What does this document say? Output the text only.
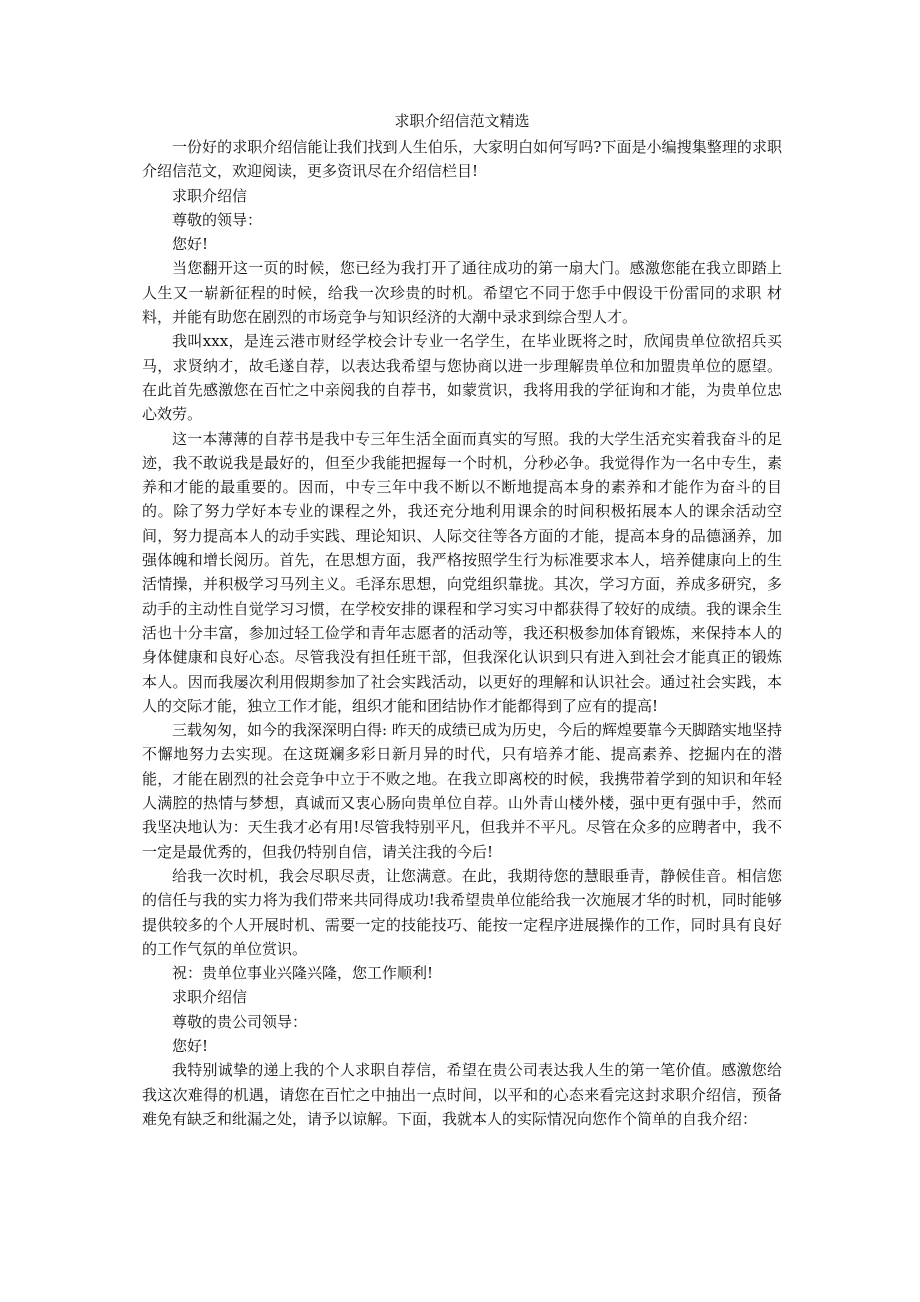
求职介绍信范文精选

一份好的求职介绍信能让我们找到人生伯乐，大家明白如何写吗?下面是小编搜集整理的求职介绍信范文，欢迎阅读，更多资讯尽在介绍信栏目!

求职介绍信

尊敬的领导：

您好!

当您翻开这一页的时候，您已经为我打开了通往成功的第一扇大门。感激您能在我立即踏上人生又一崭新征程的时候，给我一次珍贵的时机。希望它不同于您手中假设干份雷同的求职 材料，并能有助您在剧烈的市场竞争与知识经济的大潮中录求到综合型人才。

我叫xxx，是连云港市财经学校会计专业一名学生，在毕业既将之时，欣闻贵单位欲招兵买马，求贤纳才，故毛遂自荐，以表达我希望与您协商以进一步理解贵单位和加盟贵单位的愿望。在此首先感激您在百忙之中亲阅我的自荐书，如蒙赏识，我将用我的学征询和才能，为贵单位忠心效劳。

这一本薄薄的自荐书是我中专三年生活全面而真实的写照。我的大学生活充实着我奋斗的足迹，我不敢说我是最好的，但至少我能把握每一个时机，分秒必争。我觉得作为一名中专生，素养和才能的最重要的。因而，中专三年中我不断以不断地提高本身的素养和才能作为奋斗的目的。除了努力学好本专业的课程之外，我还充分地利用课余的时间积极拓展本人的课余活动空间，努力提高本人的动手实践、理论知识、人际交往等各方面的才能，提高本身的品德涵养，加强体魄和增长阅历。首先，在思想方面，我严格按照学生行为标准要求本人，培养健康向上的生活情操，并积极学习马列主义。毛泽东思想，向党组织靠拢。其次，学习方面，养成多研究，多动手的主动性自觉学习习惯，在学校安排的课程和学习实习中都获得了较好的成绩。我的课余生活也十分丰富，参加过轻工俭学和青年志愿者的活动等，我还积极参加体育锻炼，来保持本人的身体健康和良好心态。尽管我没有担任班干部，但我深化认识到只有进入到社会才能真正的锻炼本人。因而我屡次利用假期参加了社会实践活动，以更好的理解和认识社会。通过社会实践，本人的交际才能，独立工作才能，组织才能和团结协作才能都得到了应有的提高!

三载匆匆，如今的我深深明白得: 昨天的成绩已成为历史，今后的辉煌要靠今天脚踏实地坚持不懈地努力去实现。在这斑斓多彩日新月异的时代，只有培养才能、提高素养、挖掘内在的潜能，才能在剧烈的社会竞争中立于不败之地。在我立即离校的时候，我携带着学到的知识和年轻人满腔的热情与梦想，真诚而又衷心肠向贵单位自荐。山外青山楼外楼，强中更有强中手，然而我坚决地认为：天生我才必有用!尽管我特别平凡，但我并不平凡。尽管在众多的应聘者中，我不一定是最优秀的，但我仍特别自信，请关注我的今后!

给我一次时机，我会尽职尽责，让您满意。在此，我期待您的慧眼垂青，静候佳音。相信您的信任与我的实力将为我们带来共同得成功!我希望贵单位能给我一次施展才华的时机，同时能够提供较多的个人开展时机、需要一定的技能技巧、能按一定程序进展操作的工作，同时具有良好的工作气氛的单位赏识。

祝：贵单位事业兴隆兴隆，您工作顺利!

求职介绍信

尊敬的贵公司领导：

您好!

我特别诚挚的递上我的个人求职自荐信，希望在贵公司表达我人生的第一笔价值。感激您给我这次难得的机遇，请您在百忙之中抽出一点时间，以平和的心态来看完这封求职介绍信，预备难免有缺乏和纰漏之处，请予以谅解。下面，我就本人的实际情况向您作个简单的自我介绍：
